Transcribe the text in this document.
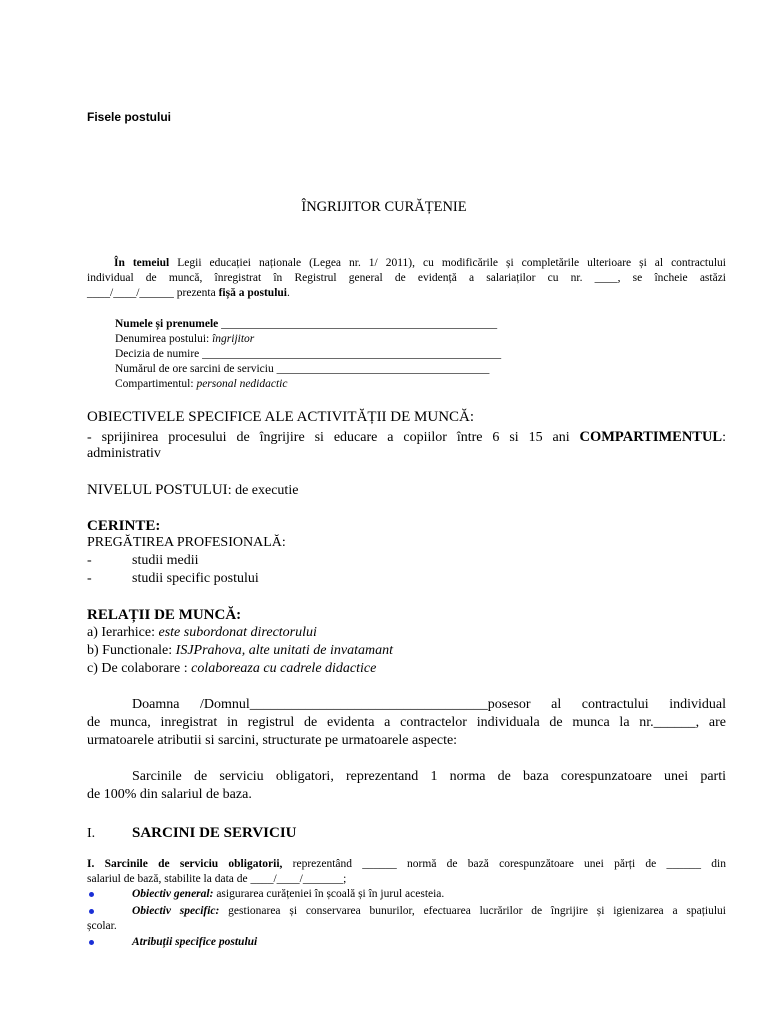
Fisele postului
ÎNGRIJITOR CURĂȚENIE
În temeiul Legii educației naționale (Legea nr. 1/ 2011), cu modificările și completările ulterioare și al contractului
individual de muncă, înregistrat în Registrul general de evidență a salariaților cu nr. ____, se încheie astăzi
____/____/______ prezenta fișă a postului.
Numele și prenumele ________________________________________________
Denumirea postului: îngrijitor
Decizia de numire ____________________________________________________
Numărul de ore sarcini de serviciu _____________________________________
Compartimentul: personal nedidactic
OBIECTIVELE SPECIFICE ALE ACTIVITĂȚII DE MUNCĂ:
- sprijinirea procesului de îngrijire si educare a copiilor între 6 si 15 ani COMPARTIMENTUL:
administrativ
NIVELUL POSTULUI: de executie
CERINTE:
PREGĂTIREA PROFESIONALĂ:
-	studii medii
-	studii specific postului
RELAȚII DE MUNCĂ:
a) Ierarhice: este subordonat directorului
b) Functionale: ISJPrahova, alte unitati de invatamant
c) De colaborare : colaboreaza cu cadrele didactice
Doamna /Domnul__________________________________posesor al contractului individual
de munca, inregistrat in registrul de evidenta a contractelor individuala de munca la nr.______, are
urmatoarele atributii si sarcini, structurate pe urmatoarele aspecte:
Sarcinile de serviciu obligatori, reprezentand 1 norma de baza corespunzatoare unei parti
de 100% din salariul de baza.
I. SARCINI DE SERVICIU
I. Sarcinile de serviciu obligatorii, reprezentând ______ normă de bază corespunzătoare unei părți de ______ din
salariul de bază, stabilite la data de ____/____/_______;
Obiectiv general: asigurarea curățeniei în școală și în jurul acesteia.
Obiectiv specific: gestionarea și conservarea bunurilor, efectuarea lucrărilor de îngrijire și igienizarea a spațiului
școlar.
Atribuții specifice postului
